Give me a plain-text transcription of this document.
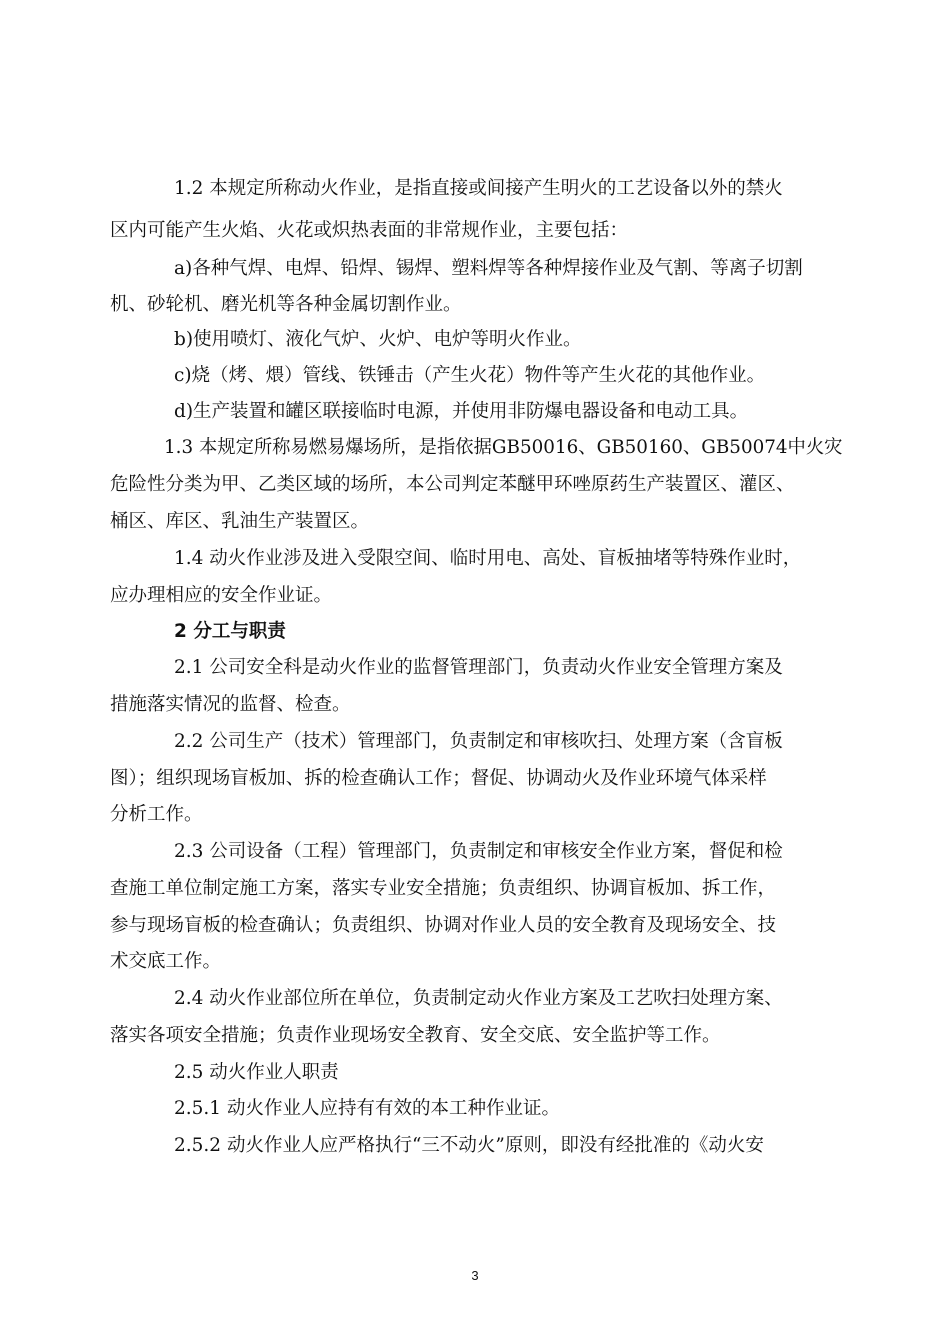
1.2 本规定所称动火作业，是指直接或间接产生明火的工艺设备以外的禁火
区内可能产生火焰、火花或炽热表面的非常规作业，主要包括：
a)各种气焊、电焊、铅焊、锡焊、塑料焊等各种焊接作业及气割、等离子切割
机、砂轮机、磨光机等各种金属切割作业。
b)使用喷灯、液化气炉、火炉、电炉等明火作业。
c)烧（烤、煨）管线、铁锤击（产生火花）物件等产生火花的其他作业。
d)生产装置和罐区联接临时电源，并使用非防爆电器设备和电动工具。
1.3 本规定所称易燃易爆场所，是指依据GB50016、GB50160、GB50074中火灾
危险性分类为甲、乙类区域的场所，本公司判定苯醚甲环唑原药生产装置区、灌区、
桶区、库区、乳油生产装置区。
1.4 动火作业涉及进入受限空间、临时用电、高处、盲板抽堵等特殊作业时，
应办理相应的安全作业证。
2 分工与职责
2.1 公司安全科是动火作业的监督管理部门，负责动火作业安全管理方案及
措施落实情况的监督、检查。
2.2 公司生产（技术）管理部门，负责制定和审核吹扫、处理方案（含盲板
图）；组织现场盲板加、拆的检查确认工作；督促、协调动火及作业环境气体采样
分析工作。
2.3 公司设备（工程）管理部门，负责制定和审核安全作业方案，督促和检
查施工单位制定施工方案，落实专业安全措施；负责组织、协调盲板加、拆工作，
参与现场盲板的检查确认；负责组织、协调对作业人员的安全教育及现场安全、技
术交底工作。
2.4 动火作业部位所在单位，负责制定动火作业方案及工艺吹扫处理方案、
落实各项安全措施；负责作业现场安全教育、安全交底、安全监护等工作。
2.5 动火作业人职责
2.5.1 动火作业人应持有有效的本工种作业证。
2.5.2 动火作业人应严格执行“三不动火”原则，即没有经批准的《动火安
3
